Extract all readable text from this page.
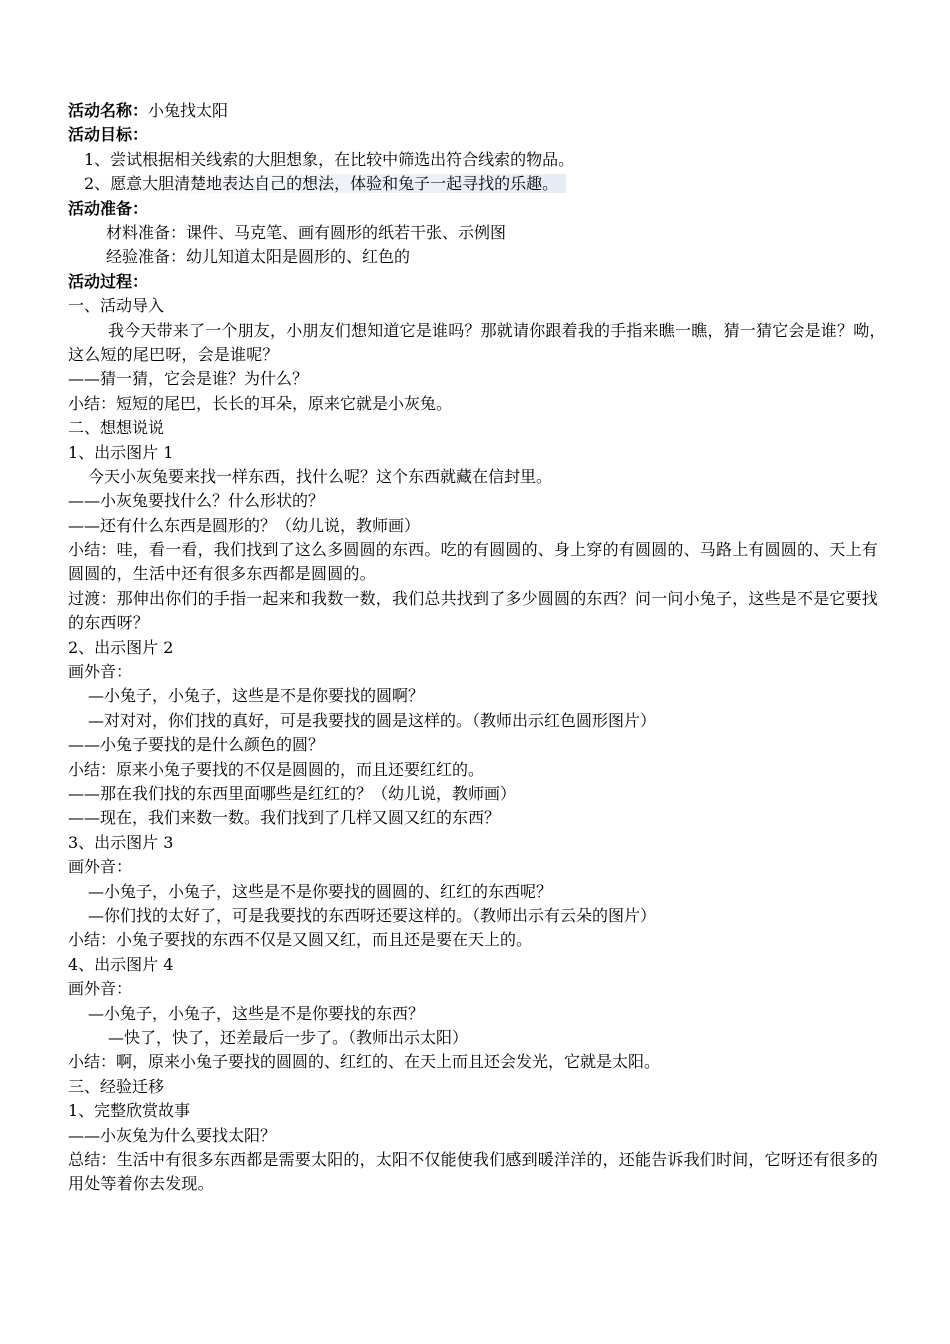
活动名称：小兔找太阳
活动目标：
1、尝试根据相关线索的大胆想象，在比较中筛选出符合线索的物品。
2、愿意大胆清楚地表达自己的想法，体验和兔子一起寻找的乐趣。
活动准备：
材料准备：课件、马克笔、画有圆形的纸若干张、示例图
经验准备：幼儿知道太阳是圆形的、红色的
活动过程：
一、活动导入
我今天带来了一个朋友，小朋友们想知道它是谁吗？那就请你跟着我的手指来瞧一瞧，猜一猜它会是谁？呦，这么短的尾巴呀，会是谁呢？
——猜一猜，它会是谁？为什么？
小结：短短的尾巴，长长的耳朵，原来它就是小灰兔。
二、想想说说
1、出示图片 1
今天小灰兔要来找一样东西，找什么呢？这个东西就藏在信封里。
——小灰兔要找什么？什么形状的？
——还有什么东西是圆形的？（幼儿说，教师画）
小结：哇，看一看，我们找到了这么多圆圆的东西。吃的有圆圆的、身上穿的有圆圆的、马路上有圆圆的、天上有圆圆的，生活中还有很多东西都是圆圆的。
过渡：那伸出你们的手指一起来和我数一数，我们总共找到了多少圆圆的东西？问一问小兔子，这些是不是它要找的东西呀？
2、出示图片 2
画外音：
—小兔子，小兔子，这些是不是你要找的圆啊？
—对对对，你们找的真好，可是我要找的圆是这样的。（教师出示红色圆形图片）
——小兔子要找的是什么颜色的圆？
小结：原来小兔子要找的不仅是圆圆的，而且还要红红的。
——那在我们找的东西里面哪些是红红的？（幼儿说，教师画）
——现在，我们来数一数。我们找到了几样又圆又红的东西？
3、出示图片 3
画外音：
—小兔子，小兔子，这些是不是你要找的圆圆的、红红的东西呢？
—你们找的太好了，可是我要找的东西呀还要这样的。（教师出示有云朵的图片）
小结：小兔子要找的东西不仅是又圆又红，而且还是要在天上的。
4、出示图片 4
画外音：
—小兔子，小兔子，这些是不是你要找的东西？
—快了，快了，还差最后一步了。（教师出示太阳）
小结：啊，原来小兔子要找的圆圆的、红红的、在天上而且还会发光，它就是太阳。
三、经验迁移
1、完整欣赏故事
——小灰兔为什么要找太阳？
总结：生活中有很多东西都是需要太阳的，太阳不仅能使我们感到暖洋洋的，还能告诉我们时间，它呀还有很多的用处等着你去发现。
